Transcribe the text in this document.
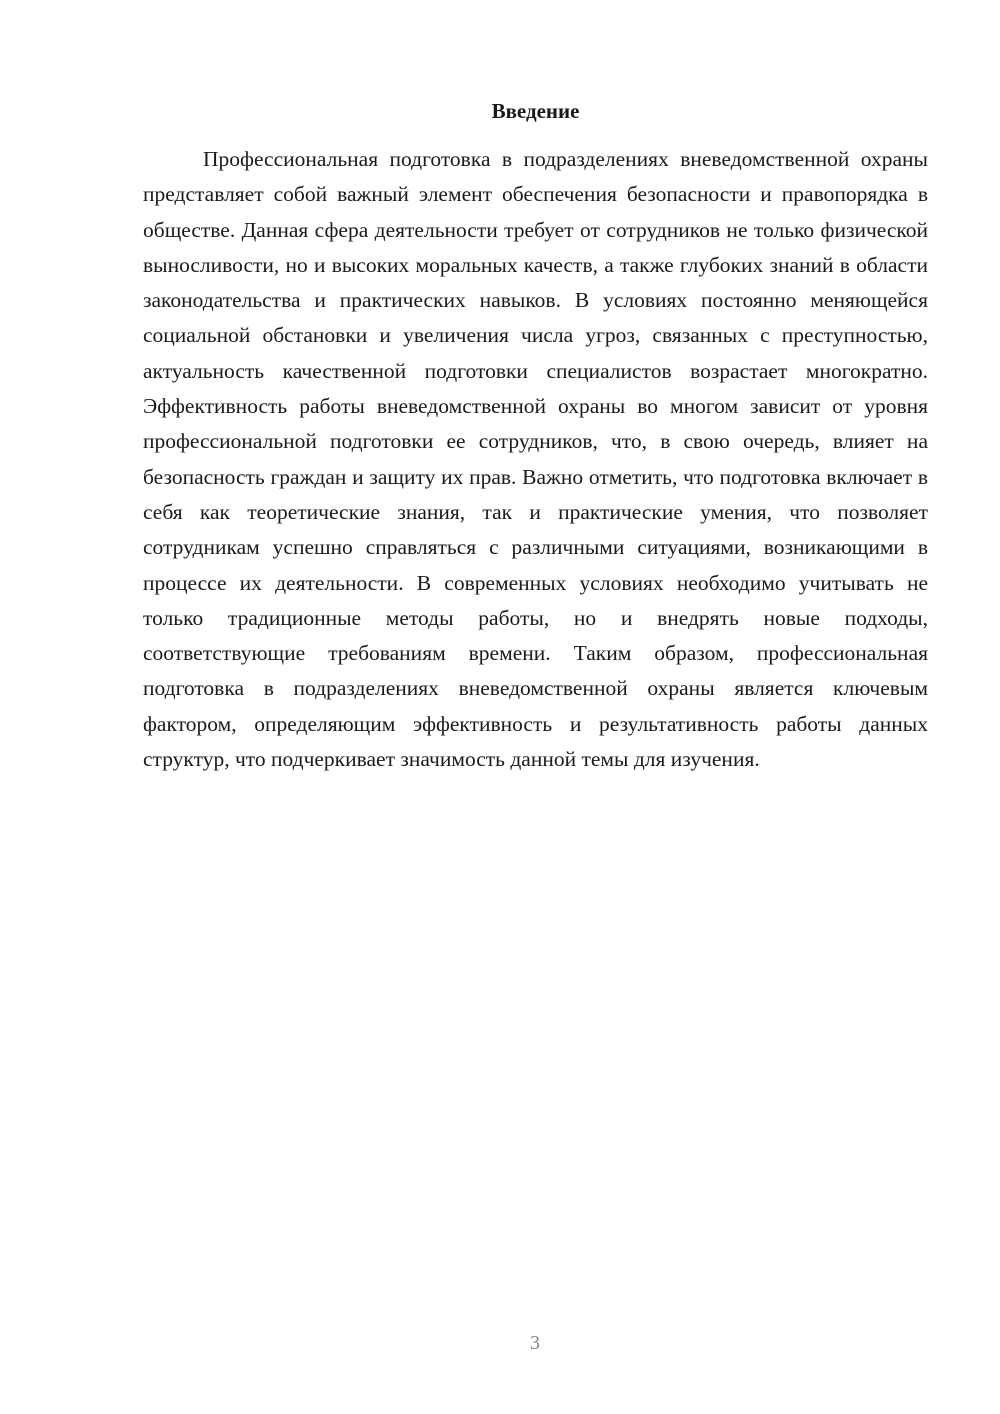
Введение

Профессиональная подготовка в подразделениях вневедомственной охраны представляет собой важный элемент обеспечения безопасности и правопорядка в обществе. Данная сфера деятельности требует от сотрудников не только физической выносливости, но и высоких моральных качеств, а также глубоких знаний в области законодательства и практических навыков. В условиях постоянно меняющейся социальной обстановки и увеличения числа угроз, связанных с преступностью, актуальность качественной подготовки специалистов возрастает многократно. Эффективность работы вневедомственной охраны во многом зависит от уровня профессиональной подготовки ее сотрудников, что, в свою очередь, влияет на безопасность граждан и защиту их прав. Важно отметить, что подготовка включает в себя как теоретические знания, так и практические умения, что позволяет сотрудникам успешно справляться с различными ситуациями, возникающими в процессе их деятельности. В современных условиях необходимо учитывать не только традиционные методы работы, но и внедрять новые подходы, соответствующие требованиям времени. Таким образом, профессиональная подготовка в подразделениях вневедомственной охраны является ключевым фактором, определяющим эффективность и результативность работы данных структур, что подчеркивает значимость данной темы для изучения.

3
